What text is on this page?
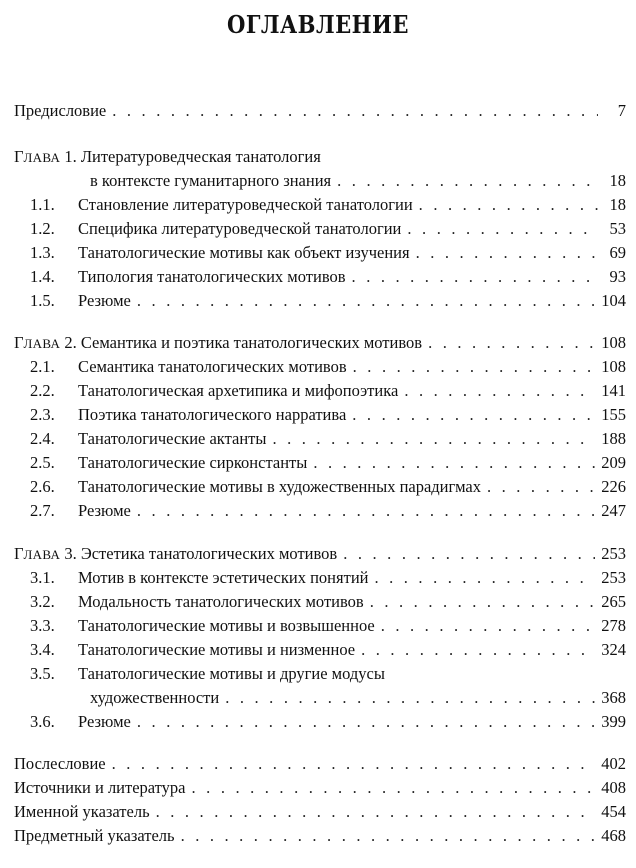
ОГЛАВЛЕНИЕ
Предисловие . . .	7
ГЛАВА 1. Литературоведческая танатология
в контексте гуманитарного знания . . .	18
1.1.	Становление литературоведческой танатологии . . .	18
1.2.	Специфика литературоведческой танатологии . . .	53
1.3.	Танатологические мотивы как объект изучения . . .	69
1.4.	Типология танатологических мотивов . . .	93
1.5.	Резюме . . .	104
ГЛАВА 2. Семантика и поэтика танатологических мотивов . . .	108
2.1.	Семантика танатологических мотивов . . .	108
2.2.	Танатологическая архетипика и мифопоэтика . . .	141
2.3.	Поэтика танатологического нарратива . . .	155
2.4.	Танатологические актанты . . .	188
2.5.	Танатологические сирконстанты . . .	209
2.6.	Танатологические мотивы в художественных парадигмах . . .	226
2.7.	Резюме . . .	247
ГЛАВА 3. Эстетика танатологических мотивов . . .	253
3.1.	Мотив в контексте эстетических понятий . . .	253
3.2.	Модальность танатологических мотивов . . .	265
3.3.	Танатологические мотивы и возвышенное . . .	278
3.4.	Танатологические мотивы и низменное . . .	324
3.5. Танатологические мотивы и другие модусы
художественности . . .	368
3.6.	Резюме . . .	399
Послесловие . . .	402
Источники и литература . . .	408
Именной указатель . . .	454
Предметный указатель . . .	468
